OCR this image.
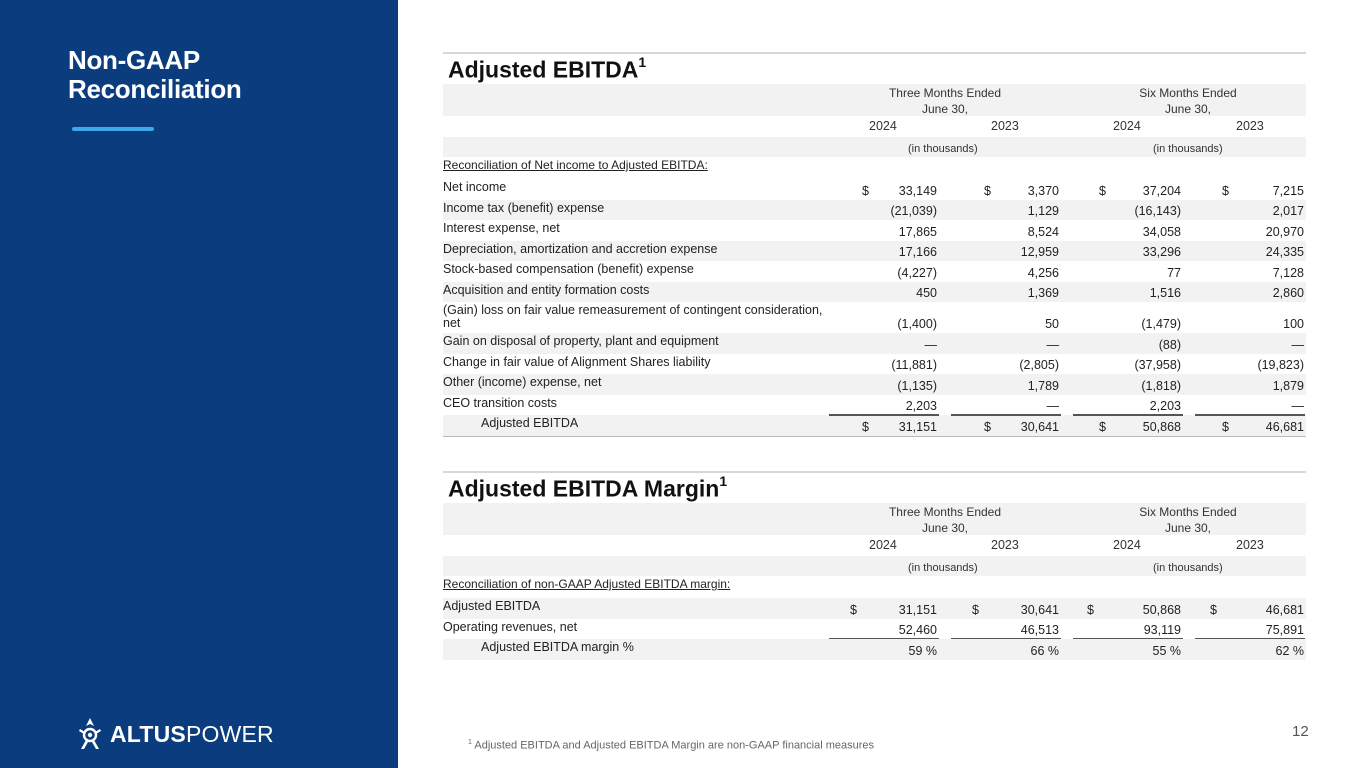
Non-GAAP
Reconciliation
ALTUSPOWER
Adjusted EBITDA$^1$
Three Months Ended
June 30,
Six Months Ended
June 30,
2024	2023	2024	2023
(in thousands)	(in thousands)
Reconciliation of Net income to Adjusted EBITDA:
Net income	$ 33,149	$	3,370	$	37,204	$	7,215
Income tax (benefit) expense	(21,039)	1,129	(16,143)	2,017
Interest expense, net	17,865	8,524	34,058	20,970
Depreciation, amortization and accretion expense	17,166	12,959	33,296	24,335
Stock-based compensation (benefit) expense	(4,227)	4,256	77	7,128
Acquisition and entity formation costs	450	1,369	1,516	2,860
(Gain) loss on fair value remeasurement of contingent consideration, net	(1,400)	50	(1,479)	100
Gain on disposal of property, plant and equipment	—	—	(88)	—
Change in fair value of Alignment Shares liability	(11,881)	(2,805)	(37,958)	(19,823)
Other (income) expense, net	(1,135)	1,789	(1,818)	1,879
CEO transition costs	2,203	—	2,203	—
Adjusted EBITDA	$ 31,151	$ 30,641	$	50,868	$	46,681
Adjusted EBITDA Margin$^1$
Three Months Ended
June 30,
Six Months Ended
June 30,
2024	2023	2024	2023
(in thousands)	(in thousands)
Reconciliation of non-GAAP Adjusted EBITDA margin:
Adjusted EBITDA	$	31,151	$	30,641 $	50,868 $	46,681
Operating revenues, net	52,460	46,513	93,119	75,891
Adjusted EBITDA margin %	59 %	66 %	55 %	62 %
$^1$ Adjusted EBITDA and Adjusted EBITDA Margin are non-GAAP financial measures
12
